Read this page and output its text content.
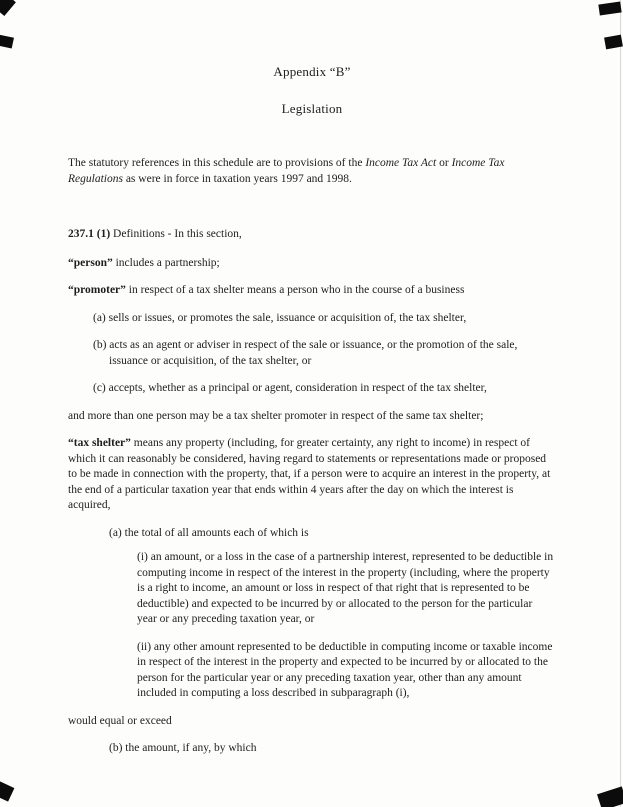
Appendix “B”
Legislation

The statutory references in this schedule are to provisions of the Income Tax Act or Income Tax Regulations as were in force in taxation years 1997 and 1998.

237.1 (1) Definitions - In this section,

“person” includes a partnership;

“promoter” in respect of a tax shelter means a person who in the course of a business

(a) sells or issues, or promotes the sale, issuance or acquisition of, the tax shelter,

(b) acts as an agent or adviser in respect of the sale or issuance, or the promotion of the sale, issuance or acquisition, of the tax shelter, or

(c) accepts, whether as a principal or agent, consideration in respect of the tax shelter,

and more than one person may be a tax shelter promoter in respect of the same tax shelter;

“tax shelter” means any property (including, for greater certainty, any right to income) in respect of which it can reasonably be considered, having regard to statements or representations made or proposed to be made in connection with the property, that, if a person were to acquire an interest in the property, at the end of a particular taxation year that ends within 4 years after the day on which the interest is acquired,

(a) the total of all amounts each of which is

(i) an amount, or a loss in the case of a partnership interest, represented to be deductible in computing income in respect of the interest in the property (including, where the property is a right to income, an amount or loss in respect of that right that is represented to be deductible) and expected to be incurred by or allocated to the person for the particular year or any preceding taxation year, or

(ii) any other amount represented to be deductible in computing income or taxable income in respect of the interest in the property and expected to be incurred by or allocated to the person for the particular year or any preceding taxation year, other than any amount included in computing a loss described in subparagraph (i),

would equal or exceed

(b) the amount, if any, by which
